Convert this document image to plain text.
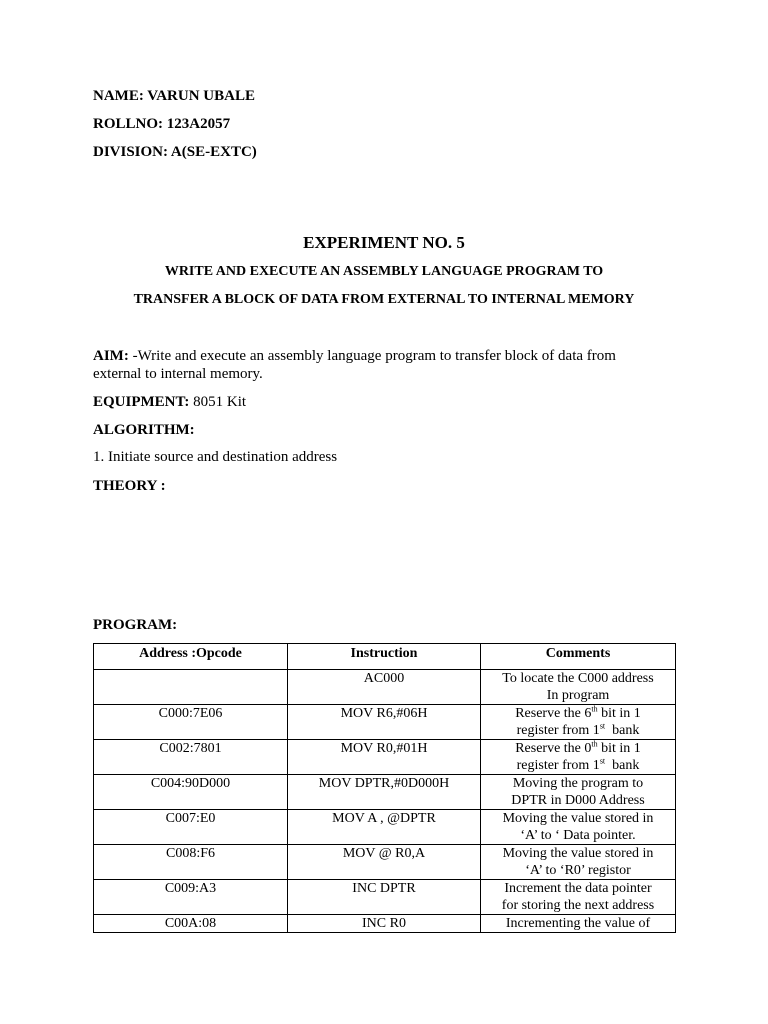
NAME: VARUN UBALE
ROLLNO: 123A2057
DIVISION: A(SE-EXTC)
EXPERIMENT NO. 5
WRITE AND EXECUTE AN ASSEMBLY LANGUAGE PROGRAM TO
TRANSFER A BLOCK OF DATA FROM EXTERNAL TO INTERNAL MEMORY
AIM: -Write and execute an assembly language program to transfer block of data from external to internal memory.
EQUIPMENT: 8051 Kit
ALGORITHM:
1. Initiate source and destination address
THEORY :
PROGRAM:
Address :Opcode	Instruction	Comments
	AC000	To locate the C000 address
In program
C000:7E06	MOV R6,#06H	Reserve the 6th bit in 1
register from 1st  bank
C002:7801	MOV R0,#01H	Reserve the 0th bit in 1
register from 1st  bank
C004:90D000	MOV DPTR,#0D000H	Moving the program to
DPTR in D000 Address
C007:E0	MOV A , @DPTR	Moving the value stored in
‘A’ to ‘ Data pointer.
C008:F6	MOV @ R0,A	Moving the value stored in
‘A’ to ‘R0’ registor
C009:A3	INC DPTR	Increment the data pointer
for storing the next address
C00A:08	INC R0	Incrementing the value of
